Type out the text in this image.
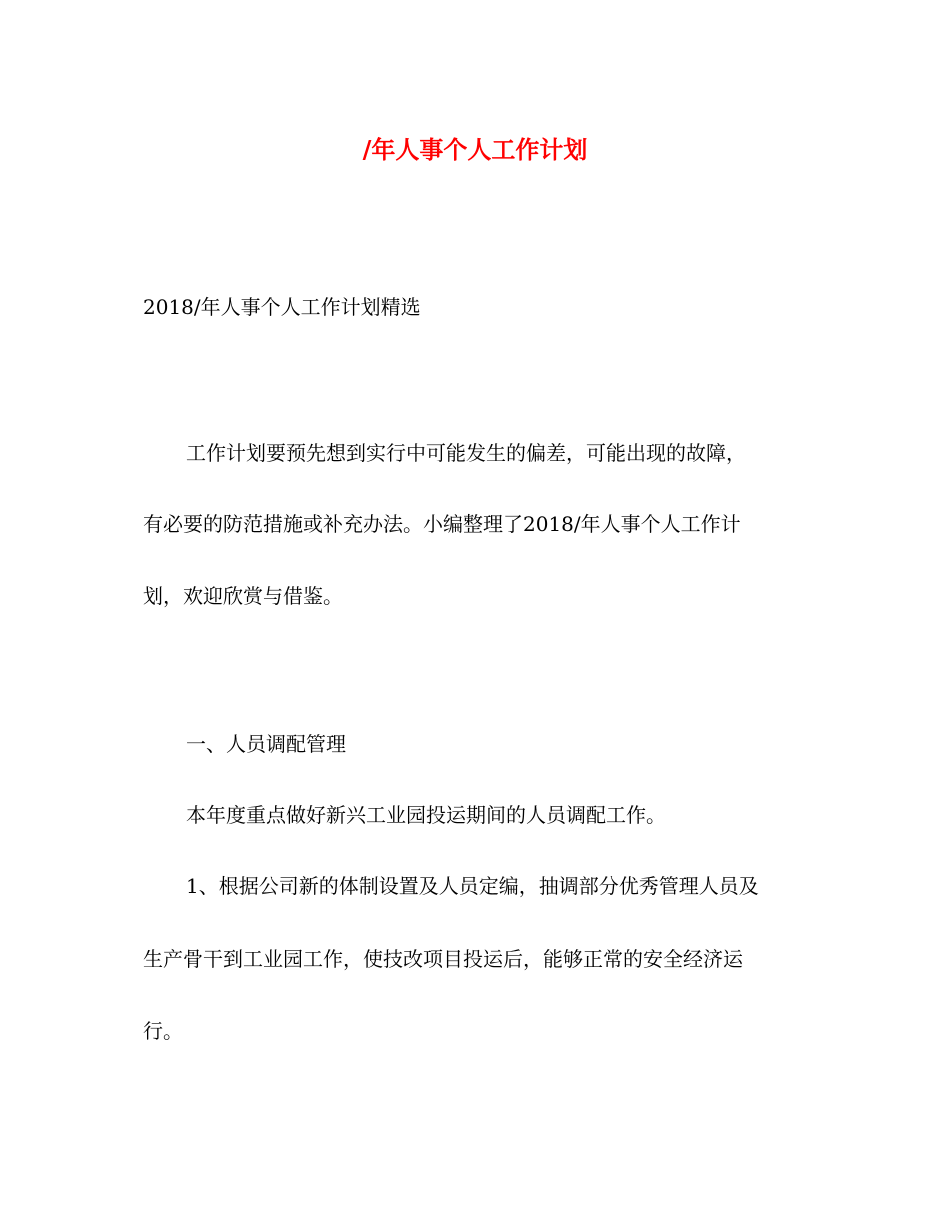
/年人事个人工作计划
2018/年人事个人工作计划精选
工作计划要预先想到实行中可能发生的偏差，可能出现的故障，
有必要的防范措施或补充办法。小编整理了2018/年人事个人工作计
划，欢迎欣赏与借鉴。
一、人员调配管理
本年度重点做好新兴工业园投运期间的人员调配工作。
1、根据公司新的体制设置及人员定编，抽调部分优秀管理人员及
生产骨干到工业园工作，使技改项目投运后，能够正常的安全经济运
行。
